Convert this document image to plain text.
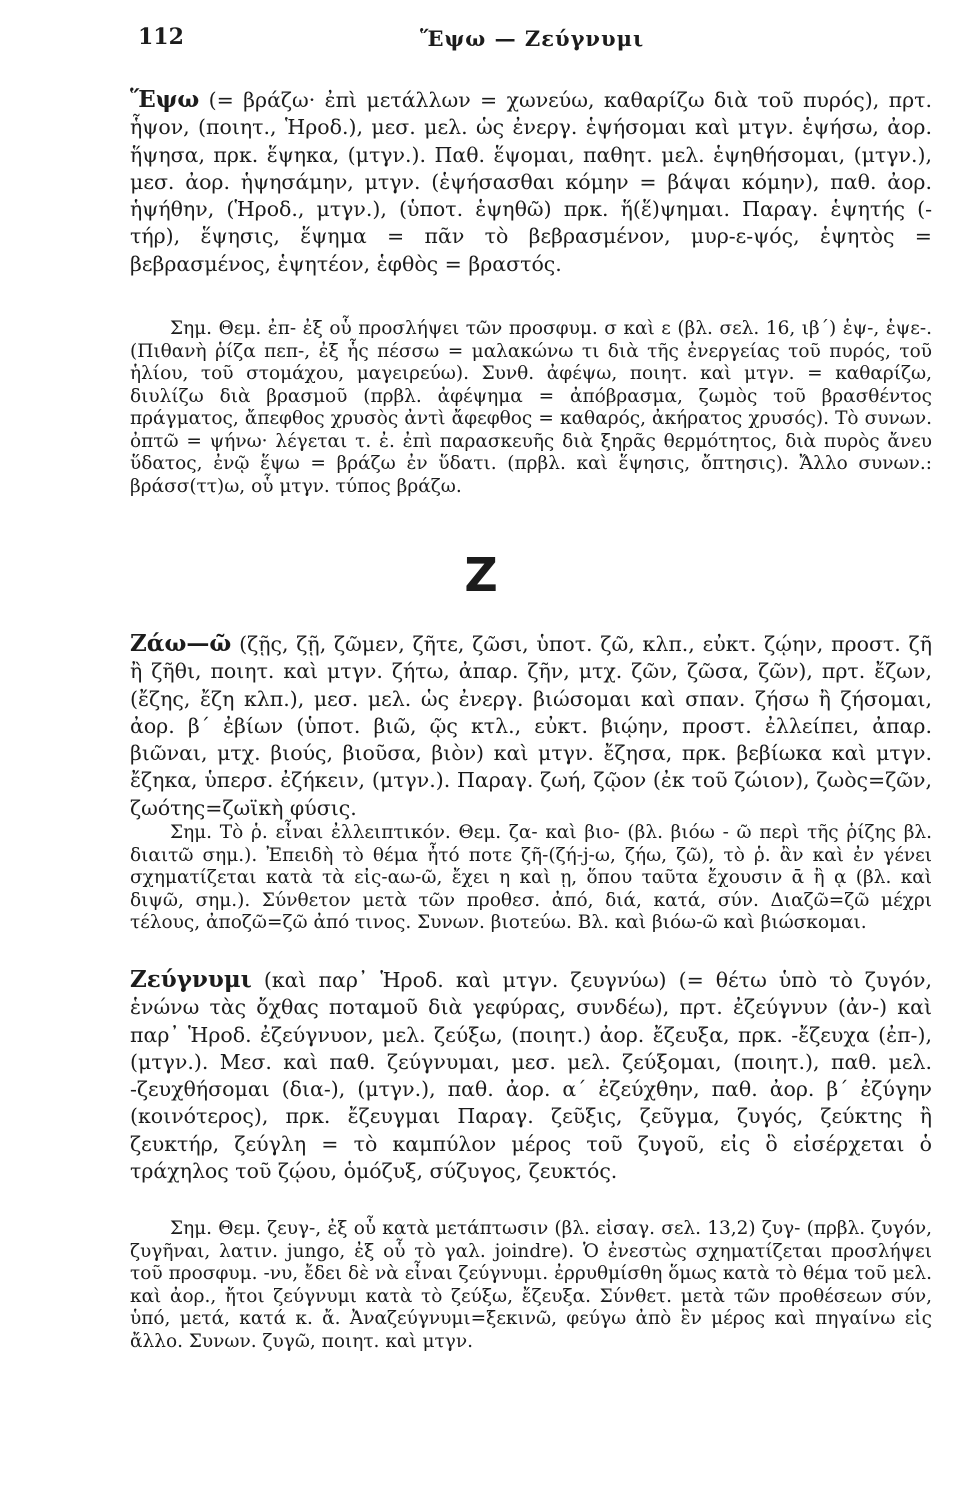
112	Ἕψω — Ζεύγνυμι

Ἕψω (= βράζω· ἐπὶ μετάλλων = χωνεύω, καθαρίζω διὰ τοῦ πυρός), πρτ. ἧψον, (ποιητ., Ἡροδ.), μεσ. μελ. ὡς ἐνεργ. ἑψήσομαι καὶ μτγν. ἑψήσω, ἀορ. ἥψησα, πρκ. ἕψηκα, (μτγν.). Παθ. ἕψομαι, παθητ. μελ. ἑψηθήσομαι, (μτγν.), μεσ. ἀορ. ἡψησάμην, μτγν. (ἑψήσασθαι κόμην = βάψαι κόμην), παθ. ἀορ. ἡψήθην, (Ἡροδ., μτγν.), (ὑποτ. ἑψηθῶ) πρκ. ἥ(ἕ)ψημαι. Παραγ. ἑψητής (-τήρ), ἕψησις, ἕψημα = πᾶν τὸ βεβρασμένον, μυρ-ε-ψός, ἑψητὸς = βεβρασμένος, ἑψητέον, ἑφθὸς = βραστός.

Σημ. Θεμ. ἐπ- ἐξ οὗ προσλήψει τῶν προσφυμ. σ καὶ ε (βλ. σελ. 16, ιβ΄) ἑψ-, ἑψε-. (Πιθανὴ ῥίζα πεπ-, ἐξ ἧς πέσσω = μαλακώνω τι διὰ τῆς ἐνεργείας τοῦ πυρός, τοῦ ἡλίου, τοῦ στομάχου, μαγειρεύω). Συνθ. ἀφέψω, ποιητ. καὶ μτγν. = καθαρίζω, διυλίζω διὰ βρασμοῦ (πρβλ. ἀφέψημα = ἀπόβρασμα, ζωμὸς τοῦ βρασθέντος πράγματος, ἄπεφθος χρυσὸς ἀντὶ ἄφεφθος = καθαρός, ἀκήρατος χρυσός). Τὸ συνων. ὀπτῶ = ψήνω· λέγεται τ. ἐ. ἐπὶ παρασκευῆς διὰ ξηρᾶς θερμότητος, διὰ πυρὸς ἄνευ ὕδατος, ἐνῷ ἕψω = βράζω ἐν ὕδατι. (πρβλ. καὶ ἕψησις, ὄπτησις). Ἄλλο συνων.: βράσσ(ττ)ω, οὗ μτγν. τύπος βράζω.

Ζ

Ζάω—ῶ (ζῇς, ζῇ, ζῶμεν, ζῆτε, ζῶσι, ὑποτ. ζῶ, κλπ., εὐκτ. ζῴην, προστ. ζῆ ἢ ζῆθι, ποιητ. καὶ μτγν. ζήτω, ἀπαρ. ζῆν, μτχ. ζῶν, ζῶσα, ζῶν), πρτ. ἔζων, (ἔζης, ἔζη κλπ.), μεσ. μελ. ὡς ἐνεργ. βιώσομαι καὶ σπαν. ζήσω ἢ ζήσομαι, ἀορ. β΄ ἐβίων (ὑποτ. βιῶ, ῷς κτλ., εὐκτ. βιῴην, προστ. ἐλλείπει, ἀπαρ. βιῶναι, μτχ. βιούς, βιοῦσα, βιὸν) καὶ μτγν. ἔζησα, πρκ. βεβίωκα καὶ μτγν. ἔζηκα, ὑπερσ. ἐζήκειν, (μτγν.). Παραγ. ζωή, ζῷον (ἐκ τοῦ ζώιον), ζωὸς=ζῶν, ζωότης=ζωϊκὴ φύσις.

Σημ. Τὸ ῥ. εἶναι ἐλλειπτικόν. Θεμ. ζα- καὶ βιο- (βλ. βιόω - ῶ περὶ τῆς ῥίζης βλ. διαιτῶ σημ.). Ἐπειδὴ τὸ θέμα ἦτό ποτε ζῆ-(ζή-j-ω, ζήω, ζῶ), τὸ ῥ. ἂν καὶ ἐν γένει σχηματίζεται κατὰ τὰ εἰς-αω-ῶ, ἔχει η καὶ ῃ, ὅπου ταῦτα ἔχουσιν ᾱ ἢ ᾳ (βλ. καὶ διψῶ, σημ.). Σύνθετον μετὰ τῶν προθεσ. ἀπό, διά, κατά, σύν. Διαζῶ=ζῶ μέχρι τέλους, ἀποζῶ=ζῶ ἀπό τινος. Συνων. βιοτεύω. Βλ. καὶ βιόω-ῶ καὶ βιώσκομαι.

Ζεύγνυμι (καὶ παρ᾽ Ἡροδ. καὶ μτγν. ζευγνύω) (= θέτω ὑπὸ τὸ ζυγόν, ἑνώνω τὰς ὄχθας ποταμοῦ διὰ γεφύρας, συνδέω), πρτ. ἐζεύγνυν (ἀν-) καὶ παρ᾽ Ἡροδ. ἐζεύγνυον, μελ. ζεύξω, (ποιητ.) ἀορ. ἔζευξα, πρκ. -ἔζευχα (ἐπ-), (μτγν.). Μεσ. καὶ παθ. ζεύγνυμαι, μεσ. μελ. ζεύξομαι, (ποιητ.), παθ. μελ. -ζευχθήσομαι (δια-), (μτγν.), παθ. ἀορ. α΄ ἐζεύχθην, παθ. ἀορ. β΄ ἐζύγην (κοινότερος), πρκ. ἔζευγμαι Παραγ. ζεῦξις, ζεῦγμα, ζυγός, ζεύκτης ἢ ζευκτήρ, ζεύγλη = τὸ καμπύλον μέρος τοῦ ζυγοῦ, εἰς ὃ εἰσέρχεται ὁ τράχηλος τοῦ ζῴου, ὁμόζυξ, σύζυγος, ζευκτός.

Σημ. Θεμ. ζευγ-, ἐξ οὗ κατὰ μετάπτωσιν (βλ. εἰσαγ. σελ. 13,2) ζυγ- (πρβλ. ζυγόν, ζυγῆναι, λατιν. jungo, ἐξ οὗ τὸ γαλ. joindre). Ὁ ἐνεστὼς σχηματίζεται προσλήψει τοῦ προσφυμ. -νυ, ἔδει δὲ νὰ εἶναι ζεύγνυμι. ἐρρυθμίσθη ὅμως κατὰ τὸ θέμα τοῦ μελ. καὶ ἀορ., ἤτοι ζεύγνυμι κατὰ τὸ ζεύξω, ἔζευξα. Σύνθετ. μετὰ τῶν προθέσεων σύν, ὑπό, μετά, κατά κ. ἄ. Ἀναζεύγνυμι=ξεκινῶ, φεύγω ἀπὸ ἓν μέρος καὶ πηγαίνω εἰς ἄλλο. Συνων. ζυγῶ, ποιητ. καὶ μτγν.
